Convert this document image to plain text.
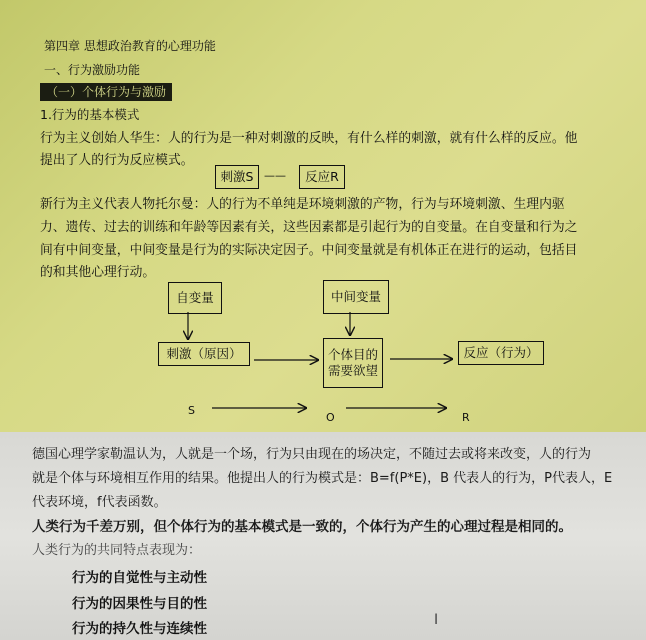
第四章 思想政治教育的心理功能
一、行为激励功能
（一）个体行为与激励
1.行为的基本模式
行为主义创始人华生：人的行为是一种对刺激的反映，有什么样的刺激，就有什么样的反应。他
提出了人的行为反应模式。
刺激S ——	反应R
新行为主义代表人物托尔曼：人的行为不单纯是环境刺激的产物，行为与环境刺激、生理内驱
力、遗传、过去的训练和年龄等因素有关，这些因素都是引起行为的自变量。在自变量和行为之
间有中间变量，中间变量是行为的实际决定因子。中间变量就是有机体正在进行的运动，包括目
的和其他心理行动。
自变量	中间变量
刺激（原因）	个体目的
需要欲望
反应（行为）
S
O	R
德国心理学家勒温认为，人就是一个场，行为只由现在的场决定，不随过去或将来改变，人的行为
就是个体与环境相互作用的结果。他提出人的行为模式是：B=f(P*E)，B 代表人的行为，P代表人，E
代表环境，f代表函数。
人类行为千差万别，但个体行为的基本模式是一致的，个体行为产生的心理过程是相同的。
人类行为的共同特点表现为：
行为的自觉性与主动性
行为的因果性与目的性
行为的持久性与连续性
I
